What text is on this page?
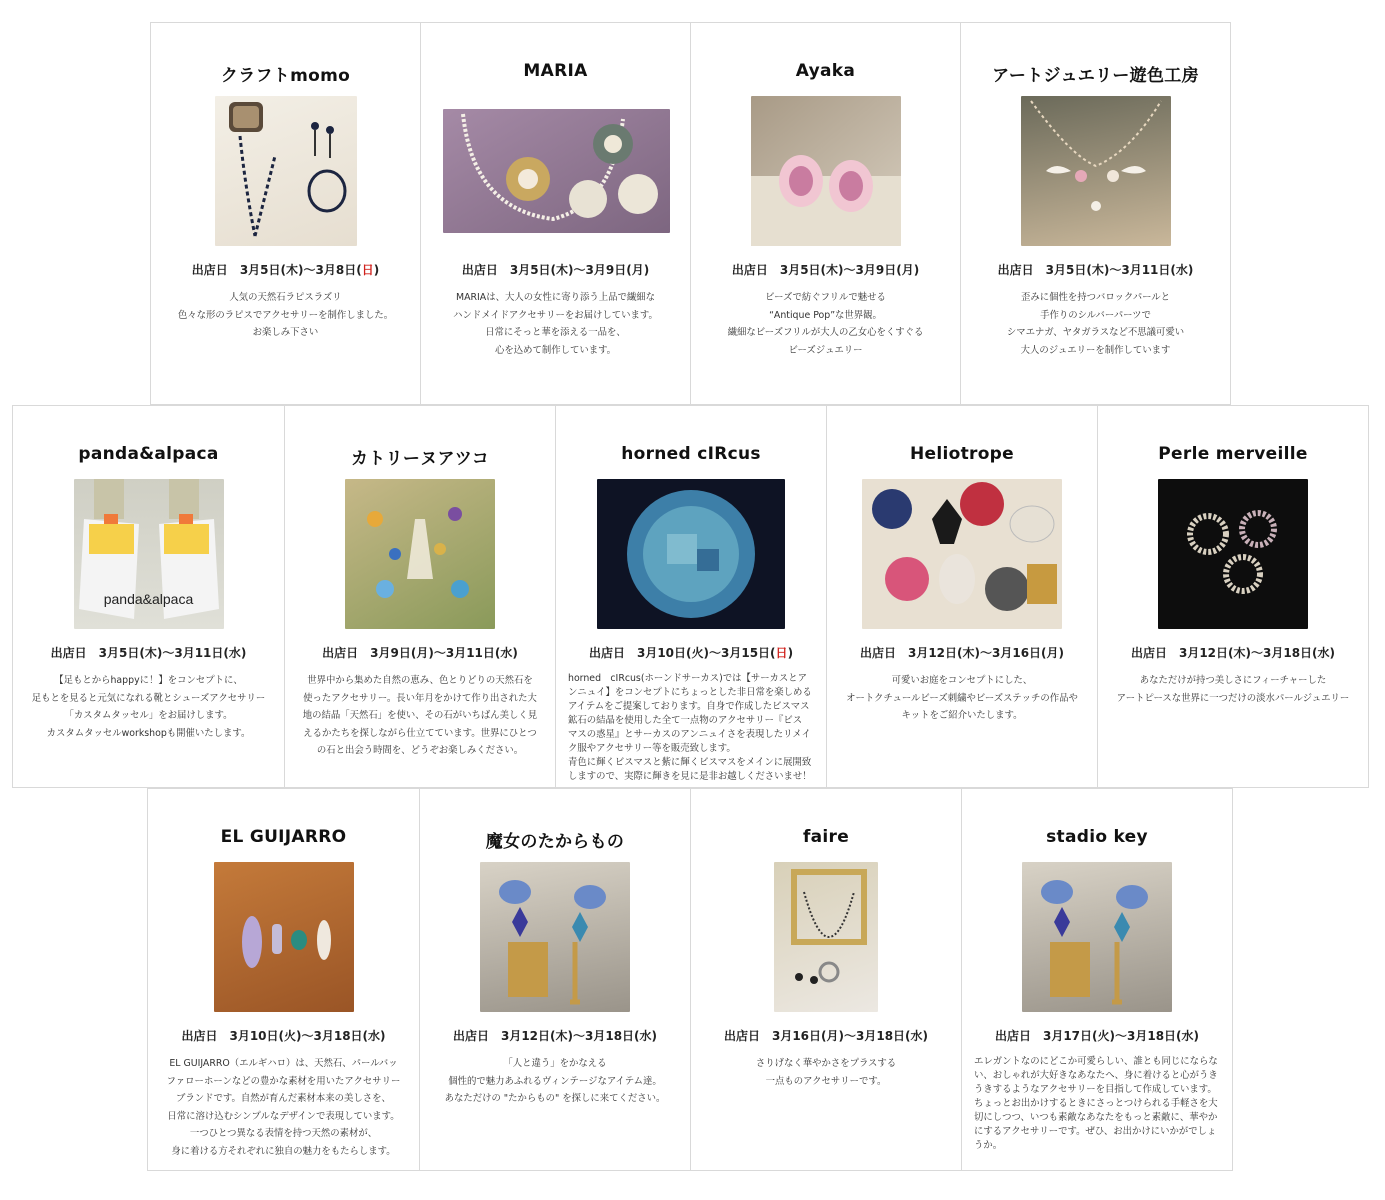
クラフトmomo
出店日　 3月5日(木)～3月8日(日)
人気の天然石ラピスラズリ
色々な形のラピスでアクセサリーを制作しました。
お楽しみ下さい
MARIA
出店日　 3月5日(木)～3月9日(月)
MARIAは、大人の女性に寄り添う上品で繊細な
ハンドメイドアクセサリーをお届けしています。
日常にそっと華を添える一品を、
心を込めて制作しています。
Ayaka
出店日　 3月5日(木)～3月9日(月)
ビーズで紡ぐフリルで魅せる
“Antique Pop”な世界観。
繊細なビーズフリルが大人の乙女心をくすぐる
ビーズジュエリー
アートジュエリー遊色工房
出店日　 3月5日(木)～3月11日(水)
歪みに個性を持つバロックパールと
手作りのシルバーパーツで
シマエナガ、ヤタガラスなど不思議可愛い
大人のジュエリーを制作しています
panda&alpaca
panda&alpaca
出店日　 3月5日(木)～3月11日(水)
【足もとからhappyに！】をコンセプトに、
足もとを見ると元気になれる靴とシューズアクセサリー
「カスタムタッセル」をお届けします。
カスタムタッセルworkshopも開催いたします。
カトリーヌアツコ
出店日　 3月9日(月)～3月11日(水)
世界中から集めた自然の恵み、色とりどりの天然石を
使ったアクセサリー。長い年月をかけて作り出された大
地の結晶「天然石」を使い、その石がいちばん美しく見
えるかたちを探しながら仕立てています。世界にひとつ
の石と出会う時間を、どうぞお楽しみください。
horned cIRcus
出店日　 3月10日(火)～3月15日(日)
horned　cIRcus(ホーンドサーカス)では【サーカスとア
ンニュイ】をコンセプトにちょっとした非日常を楽しめる
アイテムをご提案しております。自身で作成したビスマス
鉱石の結晶を使用した全て一点物のアクセサリー『ビス
マスの惑星』とサーカスのアンニュイさを表現したリメイ
ク服やアクセサリー等を販売致します。
青色に輝くビスマスと紫に輝くビスマスをメインに展開致
しますので、実際に輝きを見に是非お越しくださいませ！
Heliotrope
出店日　 3月12日(木)～3月16日(月)
可愛いお庭をコンセプトにした、
オートクチュールビーズ刺繍やビーズステッチの作品や
キットをご紹介いたします。
Perle merveille
出店日　 3月12日(木)～3月18日(水)
あなただけが持つ美しさにフィーチャーした
アートピースな世界に一つだけの淡水パールジュエリー
EL GUIJARRO
出店日　 3月10日(火)～3月18日(水)
EL GUIJARRO（エルギハロ）は、天然石、パールバッ
ファローホーンなどの豊かな素材を用いたアクセサリー
ブランドです。自然が育んだ素材本来の美しさを、
日常に溶け込むシンプルなデザインで表現しています。
一つひとつ異なる表情を持つ天然の素材が、
身に着ける方それぞれに独自の魅力をもたらします。
魔女のたからもの
出店日　 3月12日(木)～3月18日(水)
「人と違う」をかなえる
個性的で魅力あふれるヴィンテージなアイテム達。
あなただけの "たからもの" を探しに来てください。
faire
出店日　 3月16日(月)～3月18日(水)
さりげなく華やかさをプラスする
一点ものアクセサリーです。
stadio key
出店日　 3月17日(火)～3月18日(水)
エレガントなのにどこか可愛らしい、誰とも同じにならな
い、おしゃれが大好きなあなたへ、身に着けると心がうき
うきするようなアクセサリーを目指して作成しています。
ちょっとお出かけするときにさっとつけられる手軽さを大
切にしつつ、いつも素敵なあなたをもっと素敵に、華やか
にするアクセサリーです。ぜひ、お出かけにいかがでしょ
うか。
